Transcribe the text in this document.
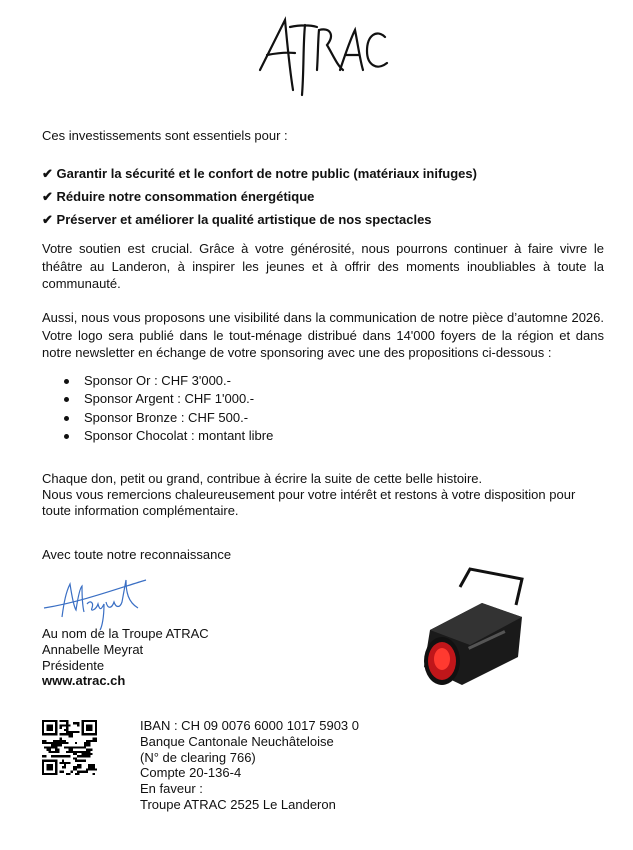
Ces investissements sont essentiels pour :

✔ Garantir la sécurité et le confort de notre public (matériaux inifuges)
✔ Réduire notre consommation énergétique
✔ Préserver et améliorer la qualité artistique de nos spectacles

Votre soutien est crucial. Grâce à votre générosité, nous pourrons continuer à faire vivre le théâtre au Landeron, à inspirer les jeunes et à offrir des moments inoubliables à toute la communauté.

Aussi, nous vous proposons une visibilité dans la communication de notre pièce d’automne 2026. Votre logo sera publié dans le tout-ménage distribué dans 14'000 foyers de la région et dans notre newsletter en échange de votre sponsoring avec une des propositions ci-dessous :

Sponsor Or : CHF 3'000.-
Sponsor Argent : CHF 1'000.-
Sponsor Bronze : CHF 500.-
Sponsor Chocolat : montant libre

Chaque don, petit ou grand, contribue à écrire la suite de cette belle histoire.

Nous vous remercions chaleureusement pour votre intérêt et restons à votre disposition pour toute information complémentaire.

Avec toute notre reconnaissance

Au nom de la Troupe ATRAC
Annabelle Meyrat
Présidente
www.atrac.ch
IBAN : CH 09 0076 6000 1017 5903 0
Banque Cantonale Neuchâteloise
(N° de clearing 766)
Compte 20-136-4
En faveur :
Troupe ATRAC 2525 Le Landeron
